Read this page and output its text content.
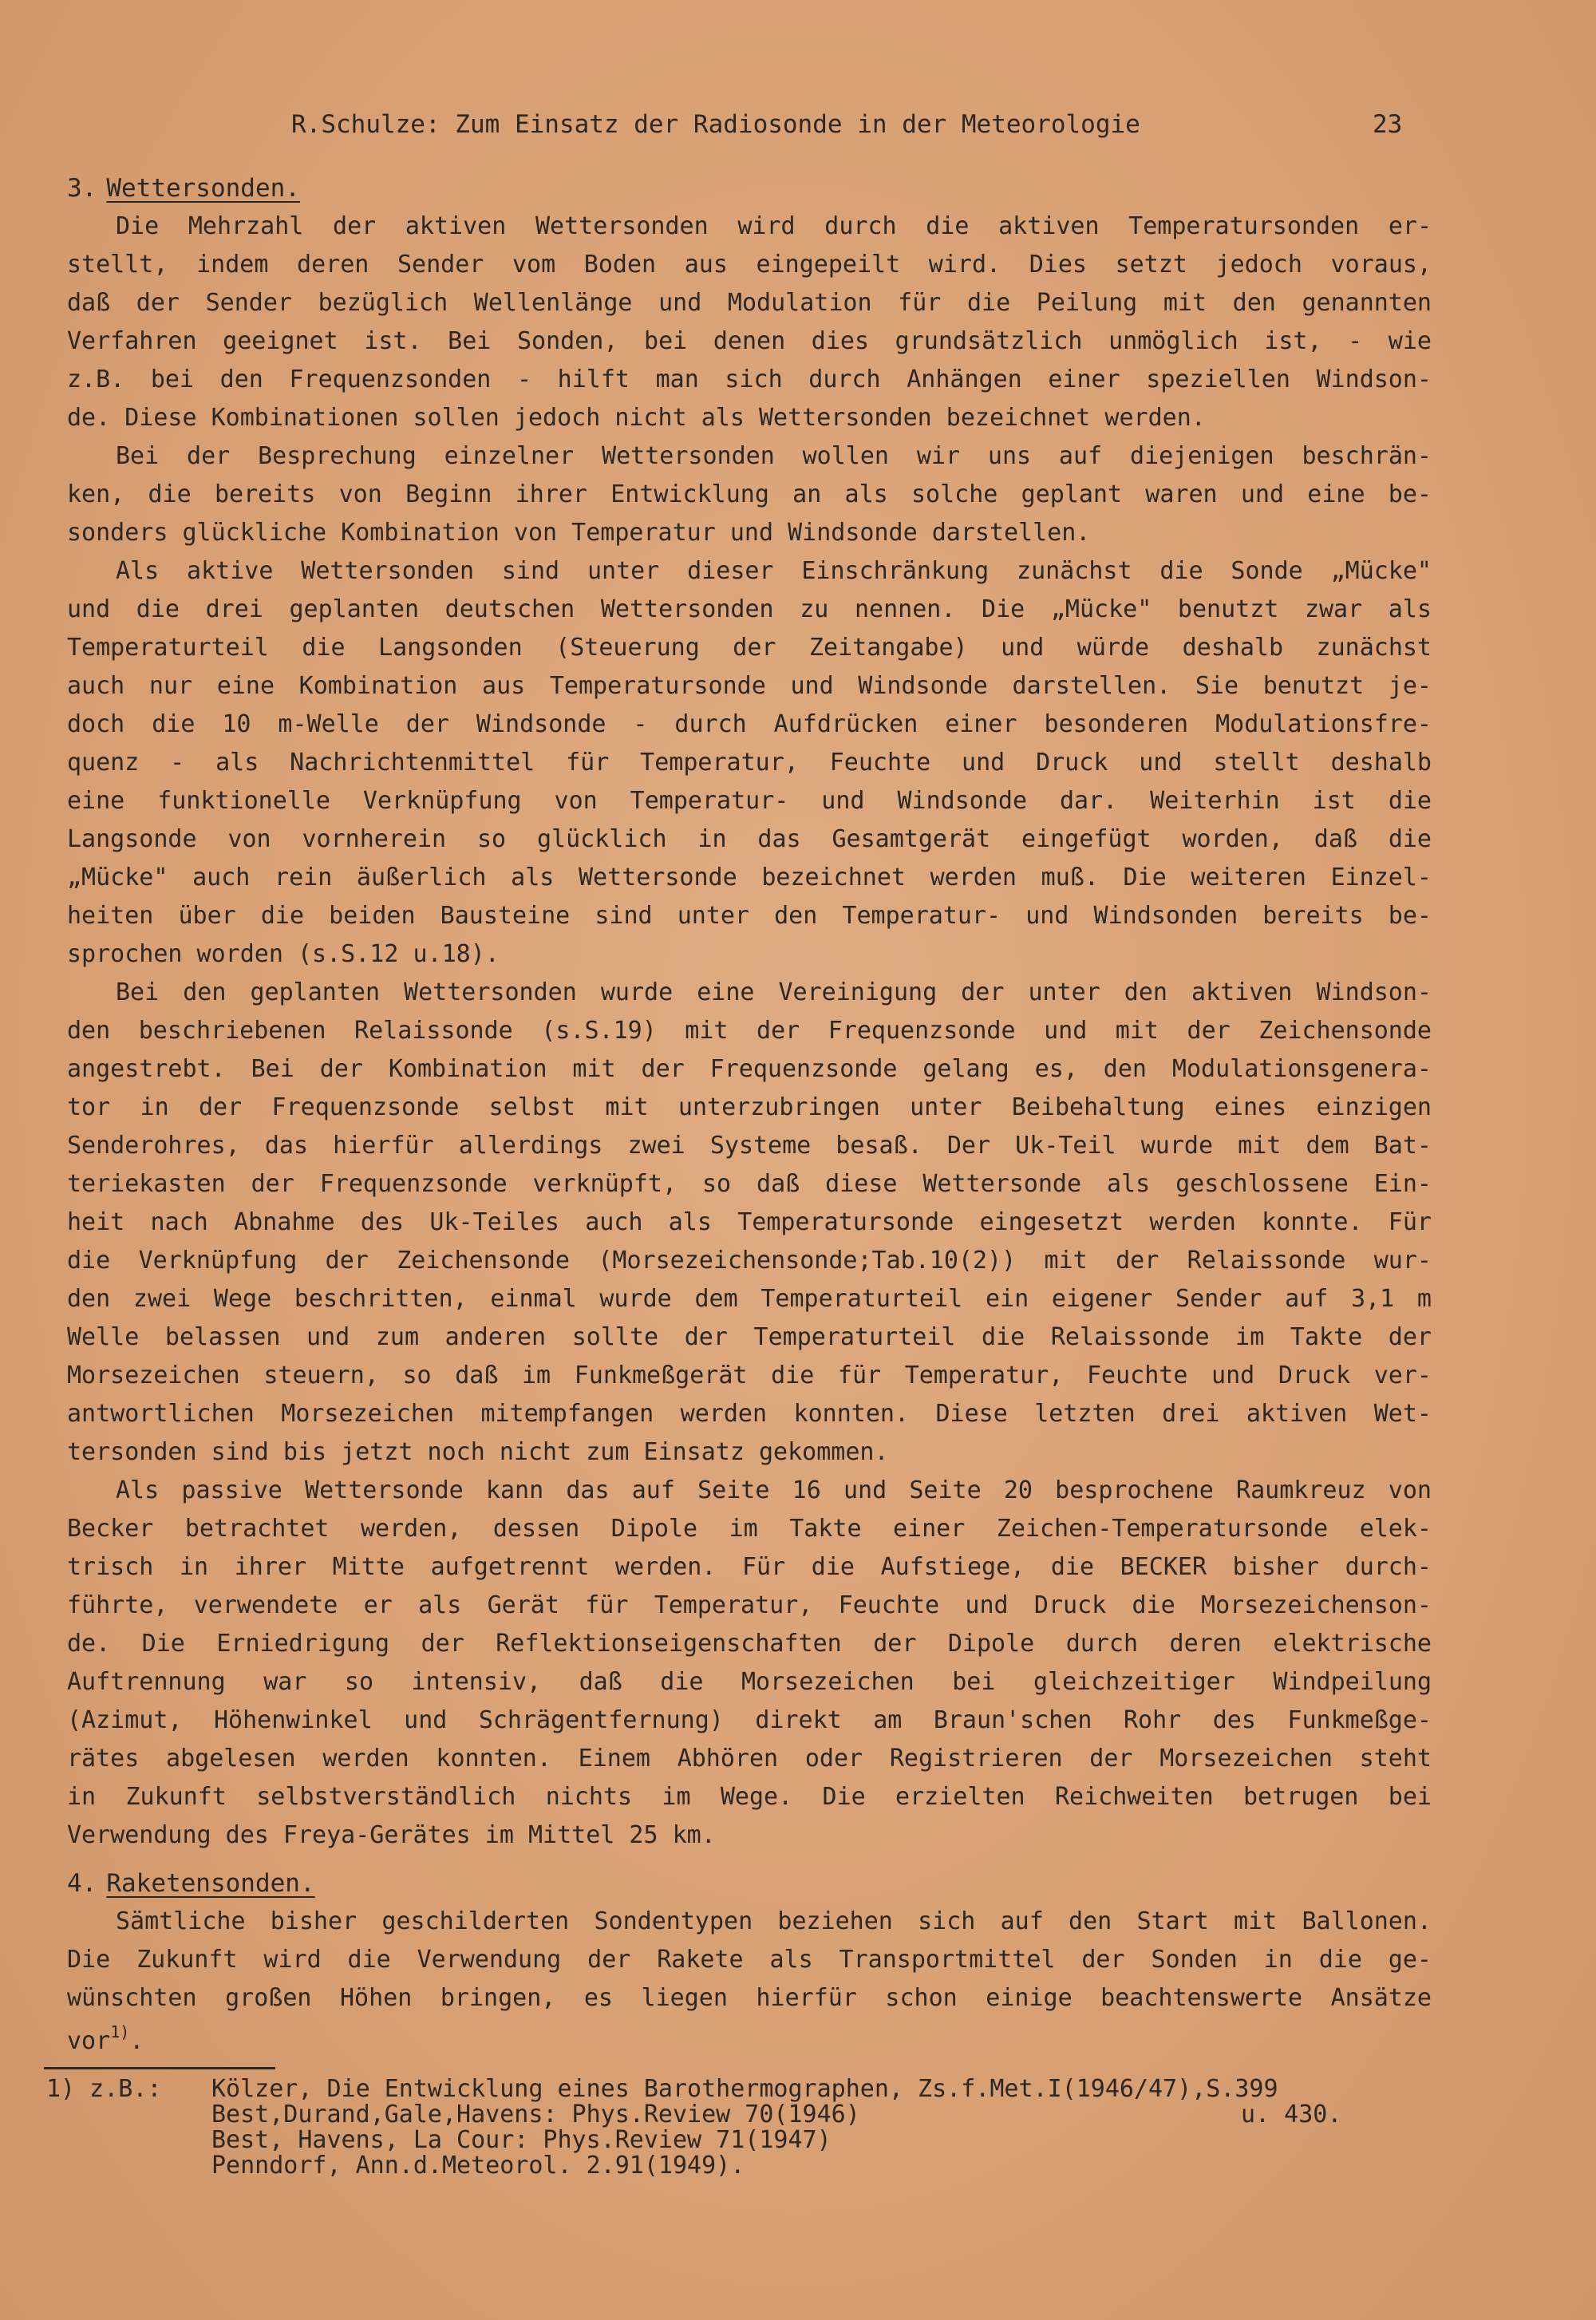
R.Schulze: Zum Einsatz der Radiosonde in der Meteorologie	23
3. Wettersonden.
Die Mehrzahl der aktiven Wettersonden wird durch die aktiven Temperatursonden er-
stellt, indem deren Sender vom Boden aus eingepeilt wird. Dies setzt jedoch voraus,
daß der Sender bezüglich Wellenlänge und Modulation für die Peilung mit den genannten
Verfahren geeignet ist. Bei Sonden, bei denen dies grundsätzlich unmöglich ist, - wie
z.B. bei den Frequenzsonden - hilft man sich durch Anhängen einer speziellen Windson-
de. Diese Kombinationen sollen jedoch nicht als Wettersonden bezeichnet werden.
Bei der Besprechung einzelner Wettersonden wollen wir uns auf diejenigen beschrän-
ken, die bereits von Beginn ihrer Entwicklung an als solche geplant waren und eine be-
sonders glückliche Kombination von Temperatur und Windsonde darstellen.
Als aktive Wettersonden sind unter dieser Einschränkung zunächst die Sonde „Mücke"
und die drei geplanten deutschen Wettersonden zu nennen. Die „Mücke" benutzt zwar als
Temperaturteil die Langsonden (Steuerung der Zeitangabe) und würde deshalb zunächst
auch nur eine Kombination aus Temperatursonde und Windsonde darstellen. Sie benutzt je-
doch die 10 m-Welle der Windsonde - durch Aufdrücken einer besonderen Modulationsfre-
quenz - als Nachrichtenmittel für Temperatur, Feuchte und Druck und stellt deshalb
eine funktionelle Verknüpfung von Temperatur- und Windsonde dar. Weiterhin ist die
Langsonde von vornherein so glücklich in das Gesamtgerät eingefügt worden, daß die
„Mücke" auch rein äußerlich als Wettersonde bezeichnet werden muß. Die weiteren Einzel-
heiten über die beiden Bausteine sind unter den Temperatur- und Windsonden bereits be-
sprochen worden (s.S.12 u.18).
Bei den geplanten Wettersonden wurde eine Vereinigung der unter den aktiven Windson-
den beschriebenen Relaissonde (s.S.19) mit der Frequenzsonde und mit der Zeichensonde
angestrebt. Bei der Kombination mit der Frequenzsonde gelang es, den Modulationsgenera-
tor in der Frequenzsonde selbst mit unterzubringen unter Beibehaltung eines einzigen
Senderohres, das hierfür allerdings zwei Systeme besaß. Der Uk-Teil wurde mit dem Bat-
teriekasten der Frequenzsonde verknüpft, so daß diese Wettersonde als geschlossene Ein-
heit nach Abnahme des Uk-Teiles auch als Temperatursonde eingesetzt werden konnte. Für
die Verknüpfung der Zeichensonde (Morsezeichensonde;Tab.10(2)) mit der Relaissonde wur-
den zwei Wege beschritten, einmal wurde dem Temperaturteil ein eigener Sender auf 3,1 m
Welle belassen und zum anderen sollte der Temperaturteil die Relaissonde im Takte der
Morsezeichen steuern, so daß im Funkmeßgerät die für Temperatur, Feuchte und Druck ver-
antwortlichen Morsezeichen mitempfangen werden konnten. Diese letzten drei aktiven Wet-
tersonden sind bis jetzt noch nicht zum Einsatz gekommen.
Als passive Wettersonde kann das auf Seite 16 und Seite 20 besprochene Raumkreuz von
Becker betrachtet werden, dessen Dipole im Takte einer Zeichen-Temperatursonde elek-
trisch in ihrer Mitte aufgetrennt werden. Für die Aufstiege, die BECKER bisher durch-
führte, verwendete er als Gerät für Temperatur, Feuchte und Druck die Morsezeichenson-
de. Die Erniedrigung der Reflektionseigenschaften der Dipole durch deren elektrische
Auftrennung war so intensiv, daß die Morsezeichen bei gleichzeitiger Windpeilung
(Azimut, Höhenwinkel und Schrägentfernung) direkt am Braun'schen Rohr des Funkmeßge-
rätes abgelesen werden konnten. Einem Abhören oder Registrieren der Morsezeichen steht
in Zukunft selbstverständlich nichts im Wege. Die erzielten Reichweiten betrugen bei
Verwendung des Freya-Gerätes im Mittel 25 km.
4. Raketensonden.
Sämtliche bisher geschilderten Sondentypen beziehen sich auf den Start mit Ballonen.
Die Zukunft wird die Verwendung der Rakete als Transportmittel der Sonden in die ge-
wünschten großen Höhen bringen, es liegen hierfür schon einige beachtenswerte Ansätze
vor$^{1)}$.
1) z.B.: Kölzer, Die Entwicklung eines Barothermographen, Zs.f.Met.I(1946/47),S.399
Best,Durand,Gale,Havens: Phys.Review 70(1946)	u. 430.
Best, Havens, La Cour: Phys.Review 71(1947)
Penndorf, Ann.d.Meteorol. 2.91(1949).
